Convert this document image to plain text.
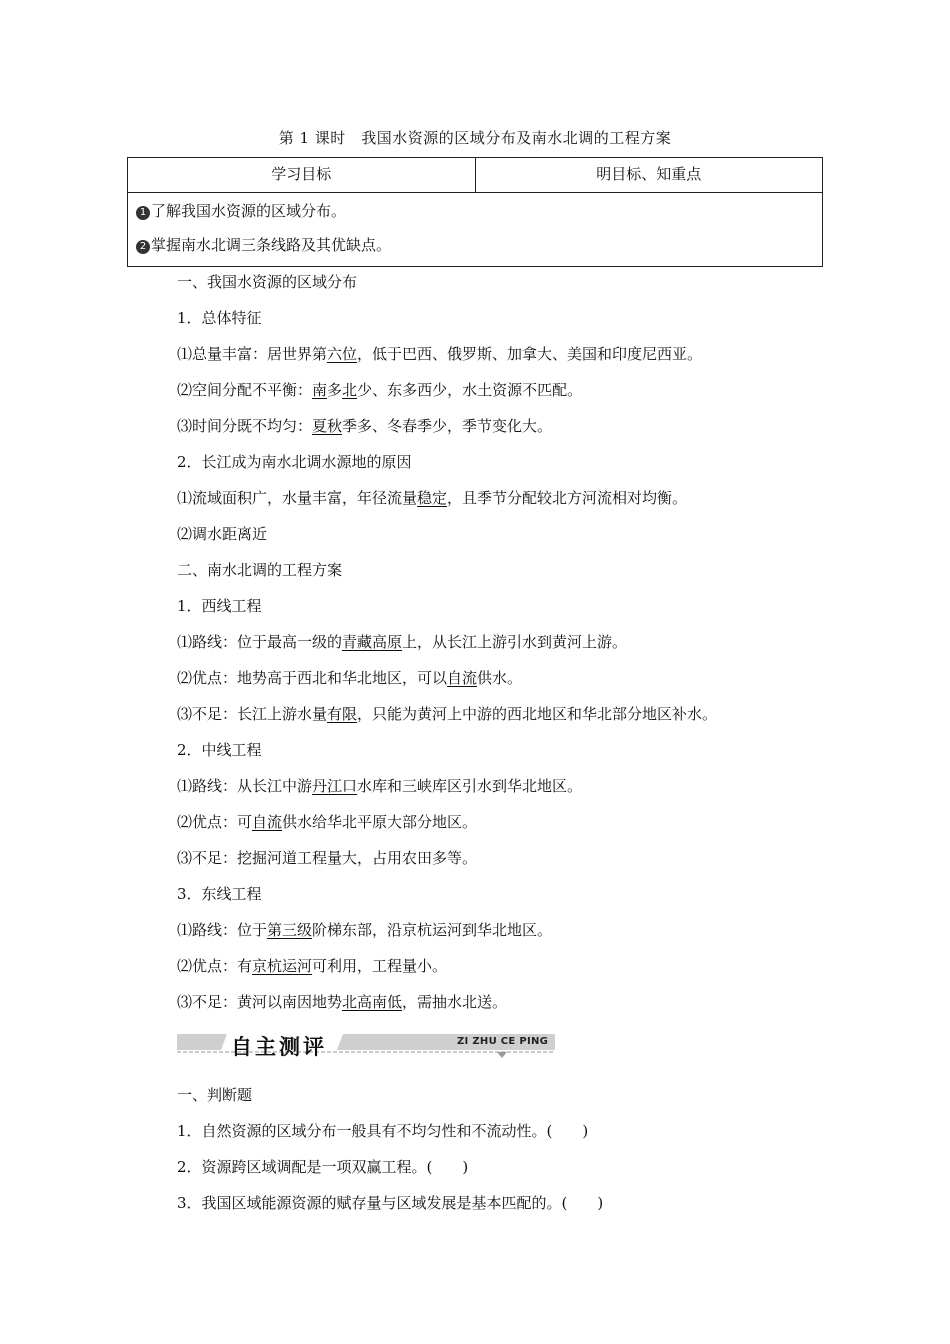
第 1 课时　我国水资源的区域分布及南水北调的工程方案
学习目标	明目标、知重点
1 了解我国水资源的区域分布。
2 掌握南水北调三条线路及其优缺点。
一、我国水资源的区域分布
1．总体特征
⑴总量丰富：居世界第六位，低于巴西、俄罗斯、加拿大、美国和印度尼西亚。
⑵空间分配不平衡：南多北少、东多西少，水土资源不匹配。
⑶时间分既不均匀：夏秋季多、冬春季少，季节变化大。
2．长江成为南水北调水源地的原因
⑴流域面积广，水量丰富，年径流量稳定，且季节分配较北方河流相对均衡。
⑵调水距离近
二、南水北调的工程方案
1．西线工程
⑴路线：位于最高一级的青藏高原上，从长江上游引水到黄河上游。
⑵优点：地势高于西北和华北地区，可以自流供水。
⑶不足：长江上游水量有限，只能为黄河上中游的西北地区和华北部分地区补水。
2．中线工程
⑴路线：从长江中游丹江口水库和三峡库区引水到华北地区。
⑵优点：可自流供水给华北平原大部分地区。
⑶不足：挖掘河道工程量大，占用农田多等。
3．东线工程
⑴路线：位于第三级阶梯东部，沿京杭运河到华北地区。
⑵优点：有京杭运河可利用，工程量小。
⑶不足：黄河以南因地势北高南低，需抽水北送。
自主测评	ZI ZHU CE PING
一、判断题
1．自然资源的区域分布一般具有不均匀性和不流动性。(　　)
2．资源跨区域调配是一项双赢工程。(　　)
3．我国区域能源资源的赋存量与区域发展是基本匹配的。(　　)
